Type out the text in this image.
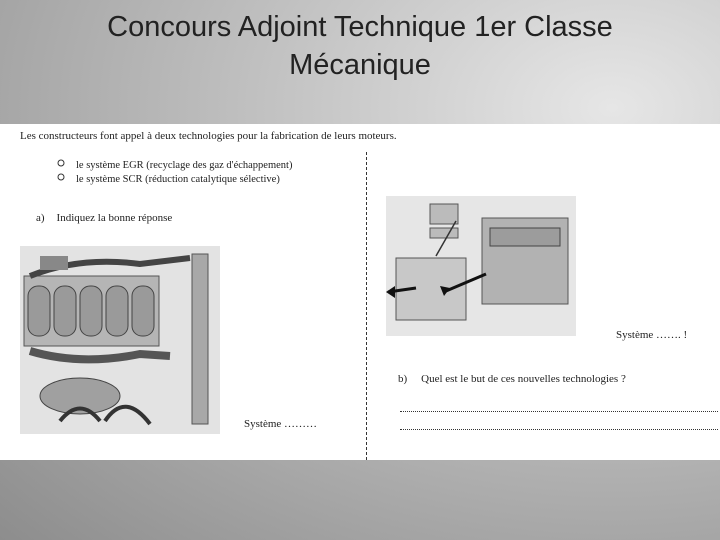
Concours Adjoint Technique 1er Classe
Mécanique
Les constructeurs font appel à deux technologies pour la fabrication de leurs moteurs.
le système EGR (recyclage des gaz d'échappement)
le système SCR (réduction catalytique sélective)
a) Indiquez la bonne réponse
Système ………
Système ……. !
b) Quel est le but de ces nouvelles technologies ?
